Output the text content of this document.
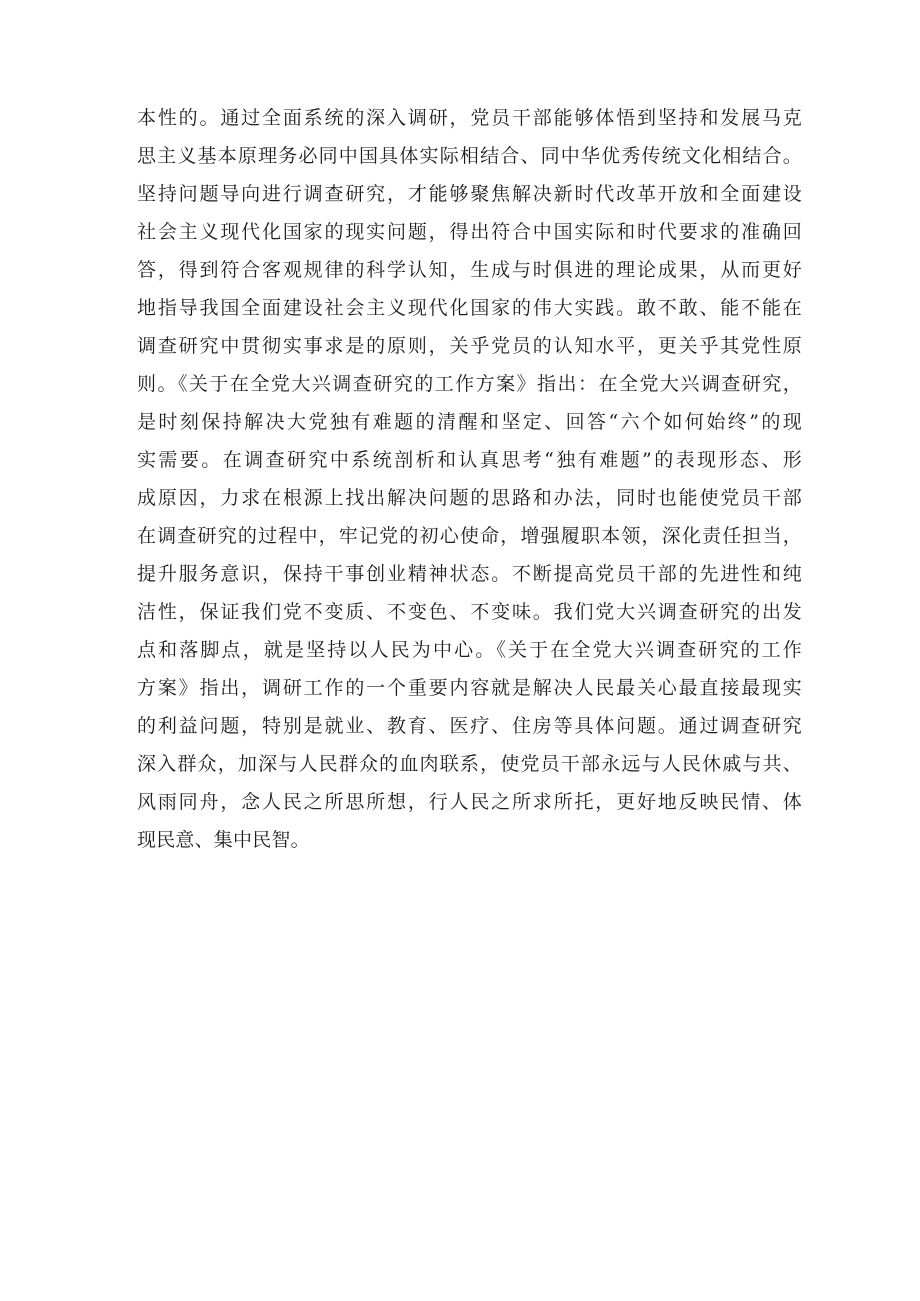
本性的。通过全面系统的深入调研，党员干部能够体悟到坚持和发展马克
思主义基本原理务必同中国具体实际相结合、同中华优秀传统文化相结合。
坚持问题导向进行调查研究，才能够聚焦解决新时代改革开放和全面建设
社会主义现代化国家的现实问题，得出符合中国实际和时代要求的准确回
答，得到符合客观规律的科学认知，生成与时俱进的理论成果，从而更好
地指导我国全面建设社会主义现代化国家的伟大实践。敢不敢、能不能在
调查研究中贯彻实事求是的原则，关乎党员的认知水平，更关乎其党性原
则。《关于在全党大兴调查研究的工作方案》指出：在全党大兴调查研究，
是时刻保持解决大党独有难题的清醒和坚定、回答“六个如何始终”的现
实需要。在调查研究中系统剖析和认真思考“独有难题”的表现形态、形
成原因，力求在根源上找出解决问题的思路和办法，同时也能使党员干部
在调查研究的过程中，牢记党的初心使命，增强履职本领，深化责任担当，
提升服务意识，保持干事创业精神状态。不断提高党员干部的先进性和纯
洁性，保证我们党不变质、不变色、不变味。我们党大兴调查研究的出发
点和落脚点，就是坚持以人民为中心。《关于在全党大兴调查研究的工作
方案》指出，调研工作的一个重要内容就是解决人民最关心最直接最现实
的利益问题，特别是就业、教育、医疗、住房等具体问题。通过调查研究
深入群众，加深与人民群众的血肉联系，使党员干部永远与人民休戚与共、
风雨同舟，念人民之所思所想，行人民之所求所托，更好地反映民情、体
现民意、集中民智。
